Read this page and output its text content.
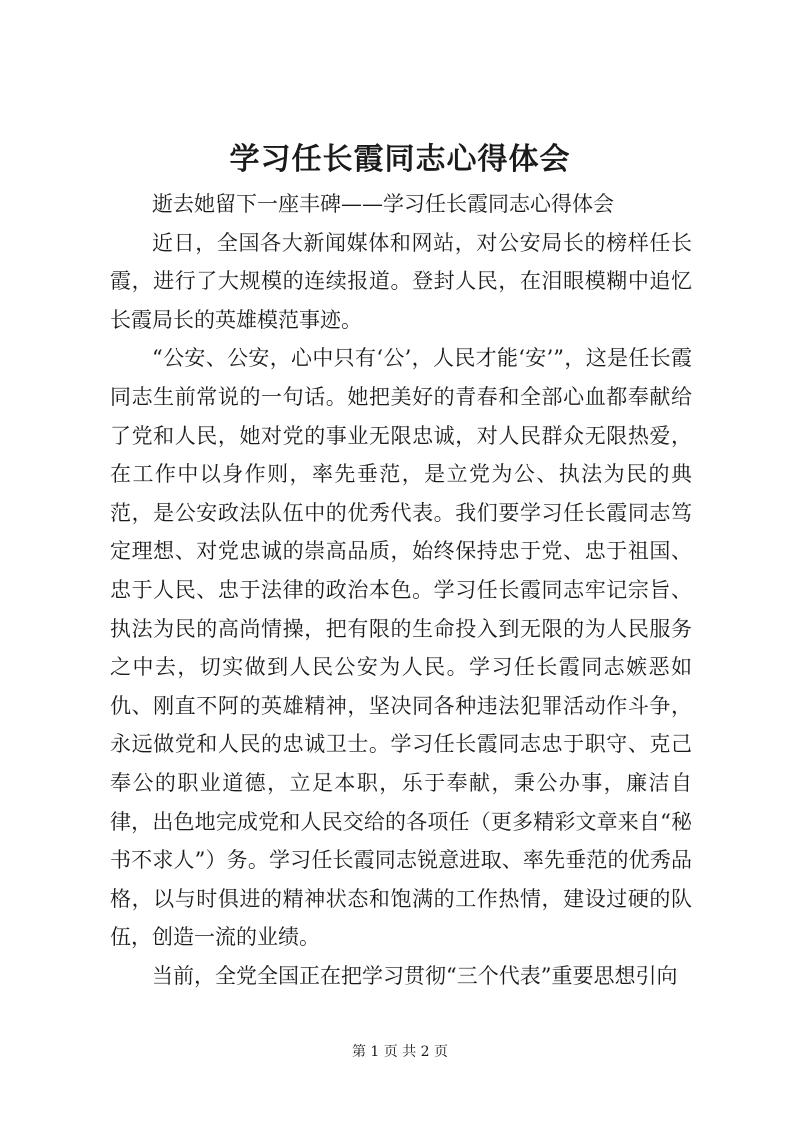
学习任长霞同志心得体会

逝去她留下一座丰碑——学习任长霞同志心得体会

近日，全国各大新闻媒体和网站，对公安局长的榜样任长霞，进行了大规模的连续报道。登封人民，在泪眼模糊中追忆长霞局长的英雄模范事迹。

“公安、公安，心中只有‘公’，人民才能‘安’”，这是任长霞同志生前常说的一句话。她把美好的青春和全部心血都奉献给了党和人民，她对党的事业无限忠诚，对人民群众无限热爱，在工作中以身作则，率先垂范，是立党为公、执法为民的典范，是公安政法队伍中的优秀代表。我们要学习任长霞同志笃定理想、对党忠诚的崇高品质，始终保持忠于党、忠于祖国、忠于人民、忠于法律的政治本色。学习任长霞同志牢记宗旨、执法为民的高尚情操，把有限的生命投入到无限的为人民服务之中去，切实做到人民公安为人民。学习任长霞同志嫉恶如仇、刚直不阿的英雄精神，坚决同各种违法犯罪活动作斗争，永远做党和人民的忠诚卫士。学习任长霞同志忠于职守、克己奉公的职业道德，立足本职，乐于奉献，秉公办事，廉洁自律，出色地完成党和人民交给的各项任（更多精彩文章来自“秘书不求人”）务。学习任长霞同志锐意进取、率先垂范的优秀品格，以与时俱进的精神状态和饱满的工作热情，建设过硬的队伍，创造一流的业绩。

当前，全党全国正在把学习贯彻“三个代表”重要思想引向

第 1 页 共 2 页
